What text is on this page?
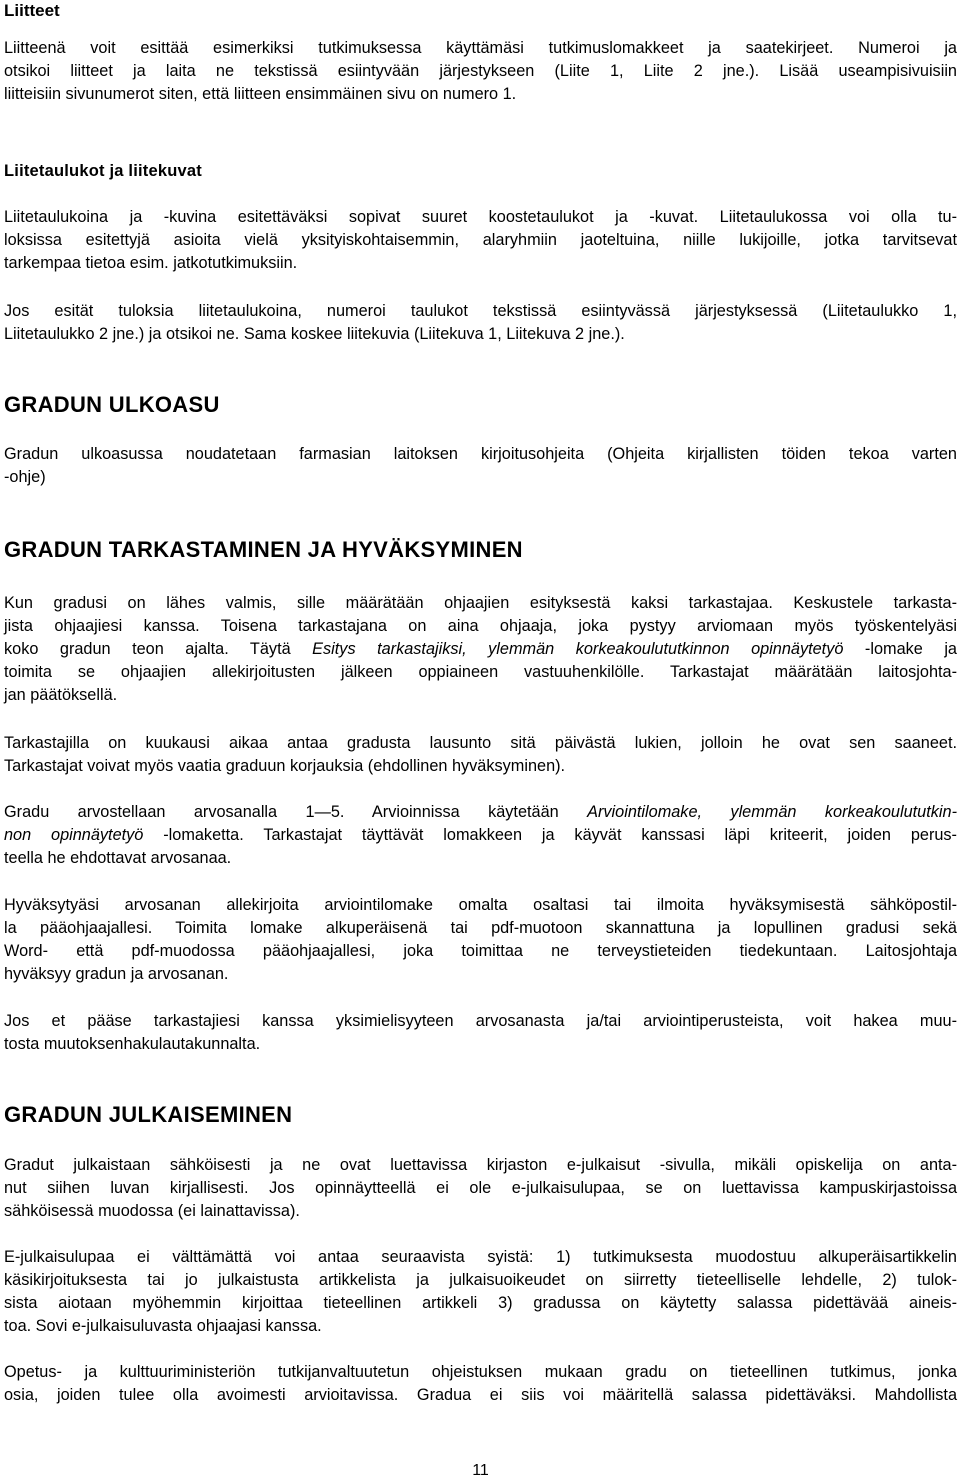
Liitteet

Liitteenä voit esittää esimerkiksi tutkimuksessa käyttämäsi tutkimuslomakkeet ja saatekirjeet. Numeroi ja
otsikoi liitteet ja laita ne tekstissä esiintyvään järjestykseen (Liite 1, Liite 2 jne.). Lisää useampisivuisiin
liitteisiin sivunumerot siten, että liitteen ensimmäinen sivu on numero 1.

Liitetaulukot ja liitekuvat

Liitetaulukoina ja -kuvina esitettäväksi sopivat suuret koostetaulukot ja -kuvat. Liitetaulukossa voi olla tu-
loksissa esitettyjä asioita vielä yksityiskohtaisemmin, alaryhmiin jaoteltuina, niille lukijoille, jotka tarvitsevat
tarkempaa tietoa esim. jatkotutkimuksiin.

Jos esität tuloksia liitetaulukoina, numeroi taulukot tekstissä esiintyvässä järjestyksessä (Liitetaulukko 1,
Liitetaulukko 2 jne.) ja otsikoi ne. Sama koskee liitekuvia (Liitekuva 1, Liitekuva 2 jne.).

GRADUN ULKOASU

Gradun ulkoasussa noudatetaan farmasian laitoksen kirjoitusohjeita (Ohjeita kirjallisten töiden tekoa varten
-ohje)

GRADUN TARKASTAMINEN JA HYVÄKSYMINEN

Kun gradusi on lähes valmis, sille määrätään ohjaajien esityksestä kaksi tarkastajaa. Keskustele tarkasta-
jista ohjaajiesi kanssa. Toisena tarkastajana on aina ohjaaja, joka pystyy arviomaan myös työskentelyäsi
koko gradun teon ajalta. Täytä Esitys tarkastajiksi, ylemmän korkeakoulututkinnon opinnäytetyö -lomake ja
toimita se ohjaajien allekirjoitusten jälkeen oppiaineen vastuuhenkilölle. Tarkastajat määrätään laitosjohta-
jan päätöksellä.

Tarkastajilla on kuukausi aikaa antaa gradusta lausunto sitä päivästä lukien, jolloin he ovat sen saaneet.
Tarkastajat voivat myös vaatia graduun korjauksia (ehdollinen hyväksyminen).

Gradu arvostellaan arvosanalla 1—5. Arvioinnissa käytetään Arviointilomake, ylemmän korkeakoulututkin-
non opinnäytetyö -lomaketta. Tarkastajat täyttävät lomakkeen ja käyvät kanssasi läpi kriteerit, joiden perus-
teella he ehdottavat arvosanaa.

Hyväksytyäsi arvosanan allekirjoita arviointilomake omalta osaltasi tai ilmoita hyväksymisestä sähköpostil-
la pääohjaajallesi. Toimita lomake alkuperäisenä tai pdf-muotoon skannattuna ja lopullinen gradusi sekä
Word- että pdf-muodossa pääohjaajallesi, joka toimittaa ne terveystieteiden tiedekuntaan. Laitosjohtaja
hyväksyy gradun ja arvosanan.

Jos et pääse tarkastajiesi kanssa yksimielisyyteen arvosanasta ja/tai arviointiperusteista, voit hakea muu-
tosta muutoksenhakulautakunnalta.

GRADUN JULKAISEMINEN

Gradut julkaistaan sähköisesti ja ne ovat luettavissa kirjaston e-julkaisut -sivulla, mikäli opiskelija on anta-
nut siihen luvan kirjallisesti. Jos opinnäytteellä ei ole e-julkaisulupaa, se on luettavissa kampuskirjastoissa
sähköisessä muodossa (ei lainattavissa).

E-julkaisulupaa ei välttämättä voi antaa seuraavista syistä: 1) tutkimuksesta muodostuu alkuperäisartikkelin
käsikirjoituksesta tai jo julkaistusta artikkelista ja julkaisuoikeudet on siirretty tieteelliselle lehdelle, 2) tulok-
sista aiotaan myöhemmin kirjoittaa tieteellinen artikkeli 3) gradussa on käytetty salassa pidettävää aineis-
toa. Sovi e-julkaisuluvasta ohjaajasi kanssa.

Opetus- ja kulttuuriministeriön tutkijanvaltuutetun ohjeistuksen mukaan gradu on tieteellinen tutkimus, jonka
osia, joiden tulee olla avoimesti arvioitavissa. Gradua ei siis voi määritellä salassa pidettäväksi. Mahdollista

11
